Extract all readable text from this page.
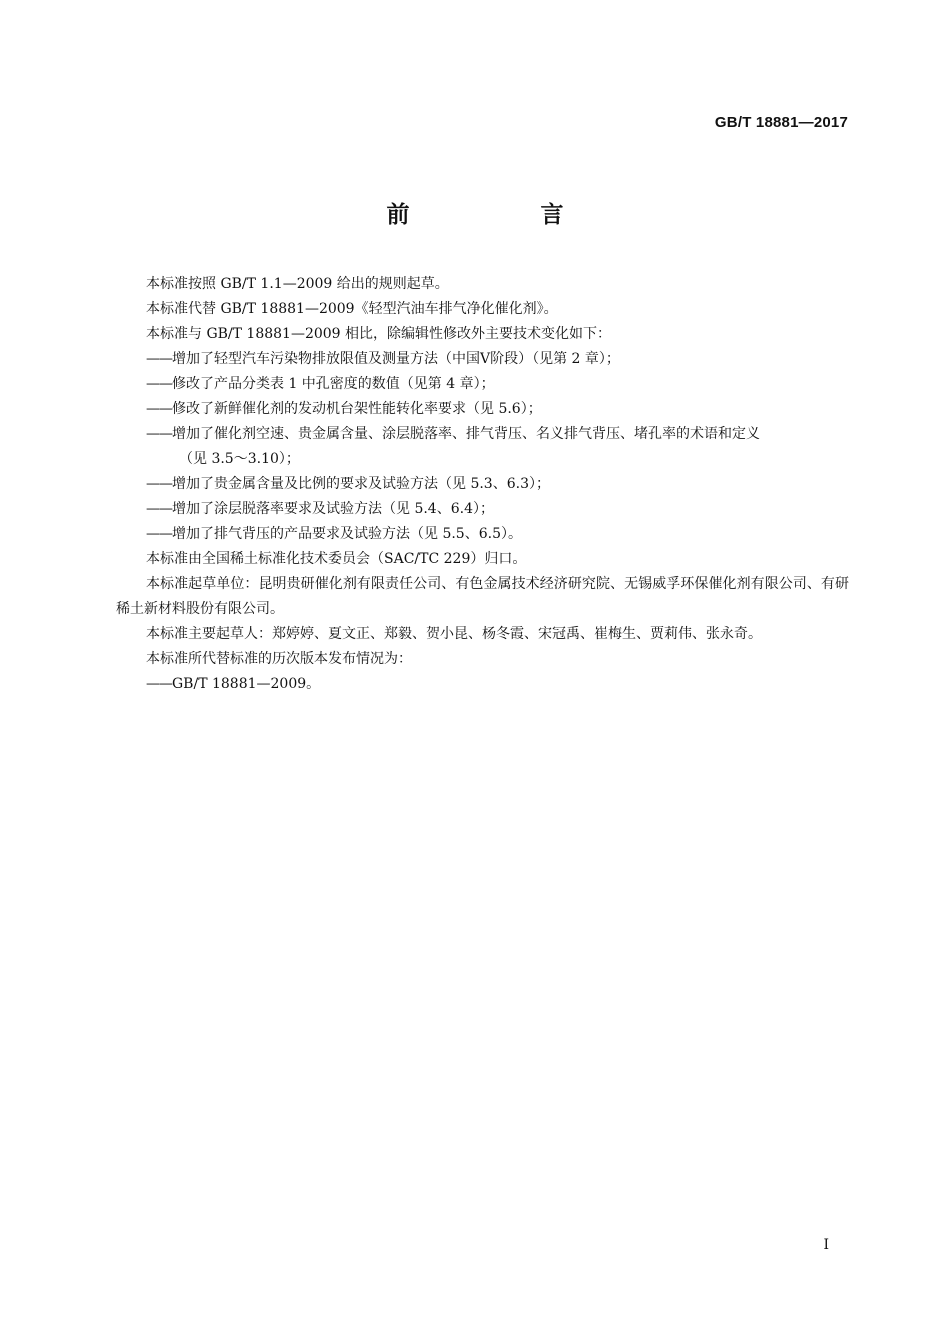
GB/T 18881—2017
前　言

本标准按照 GB/T 1.1—2009 给出的规则起草。

本标准代替 GB/T 18881—2009《轻型汽油车排气净化催化剂》。

本标准与 GB/T 18881—2009 相比，除编辑性修改外主要技术变化如下：

——增加了轻型汽车污染物排放限值及测量方法（中国Ⅴ阶段）（见第 2 章）；
——修改了产品分类表 1 中孔密度的数值（见第 4 章）；
——修改了新鲜催化剂的发动机台架性能转化率要求（见 5.6）；
——增加了催化剂空速、贵金属含量、涂层脱落率、排气背压、名义排气背压、堵孔率的术语和定义
（见 3.5～3.10）；
——增加了贵金属含量及比例的要求及试验方法（见 5.3、6.3）；
——增加了涂层脱落率要求及试验方法（见 5.4、6.4）；
——增加了排气背压的产品要求及试验方法（见 5.5、6.5）。

本标准由全国稀土标准化技术委员会（SAC/TC 229）归口。

本标准起草单位：昆明贵研催化剂有限责任公司、有色金属技术经济研究院、无锡威孚环保催化剂有限公司、有研稀土新材料股份有限公司。

本标准主要起草人：郑婷婷、夏文正、郑毅、贺小昆、杨冬霞、宋冠禹、崔梅生、贾莉伟、张永奇。

本标准所代替标准的历次版本发布情况为：

——GB/T 18881—2009。
I
